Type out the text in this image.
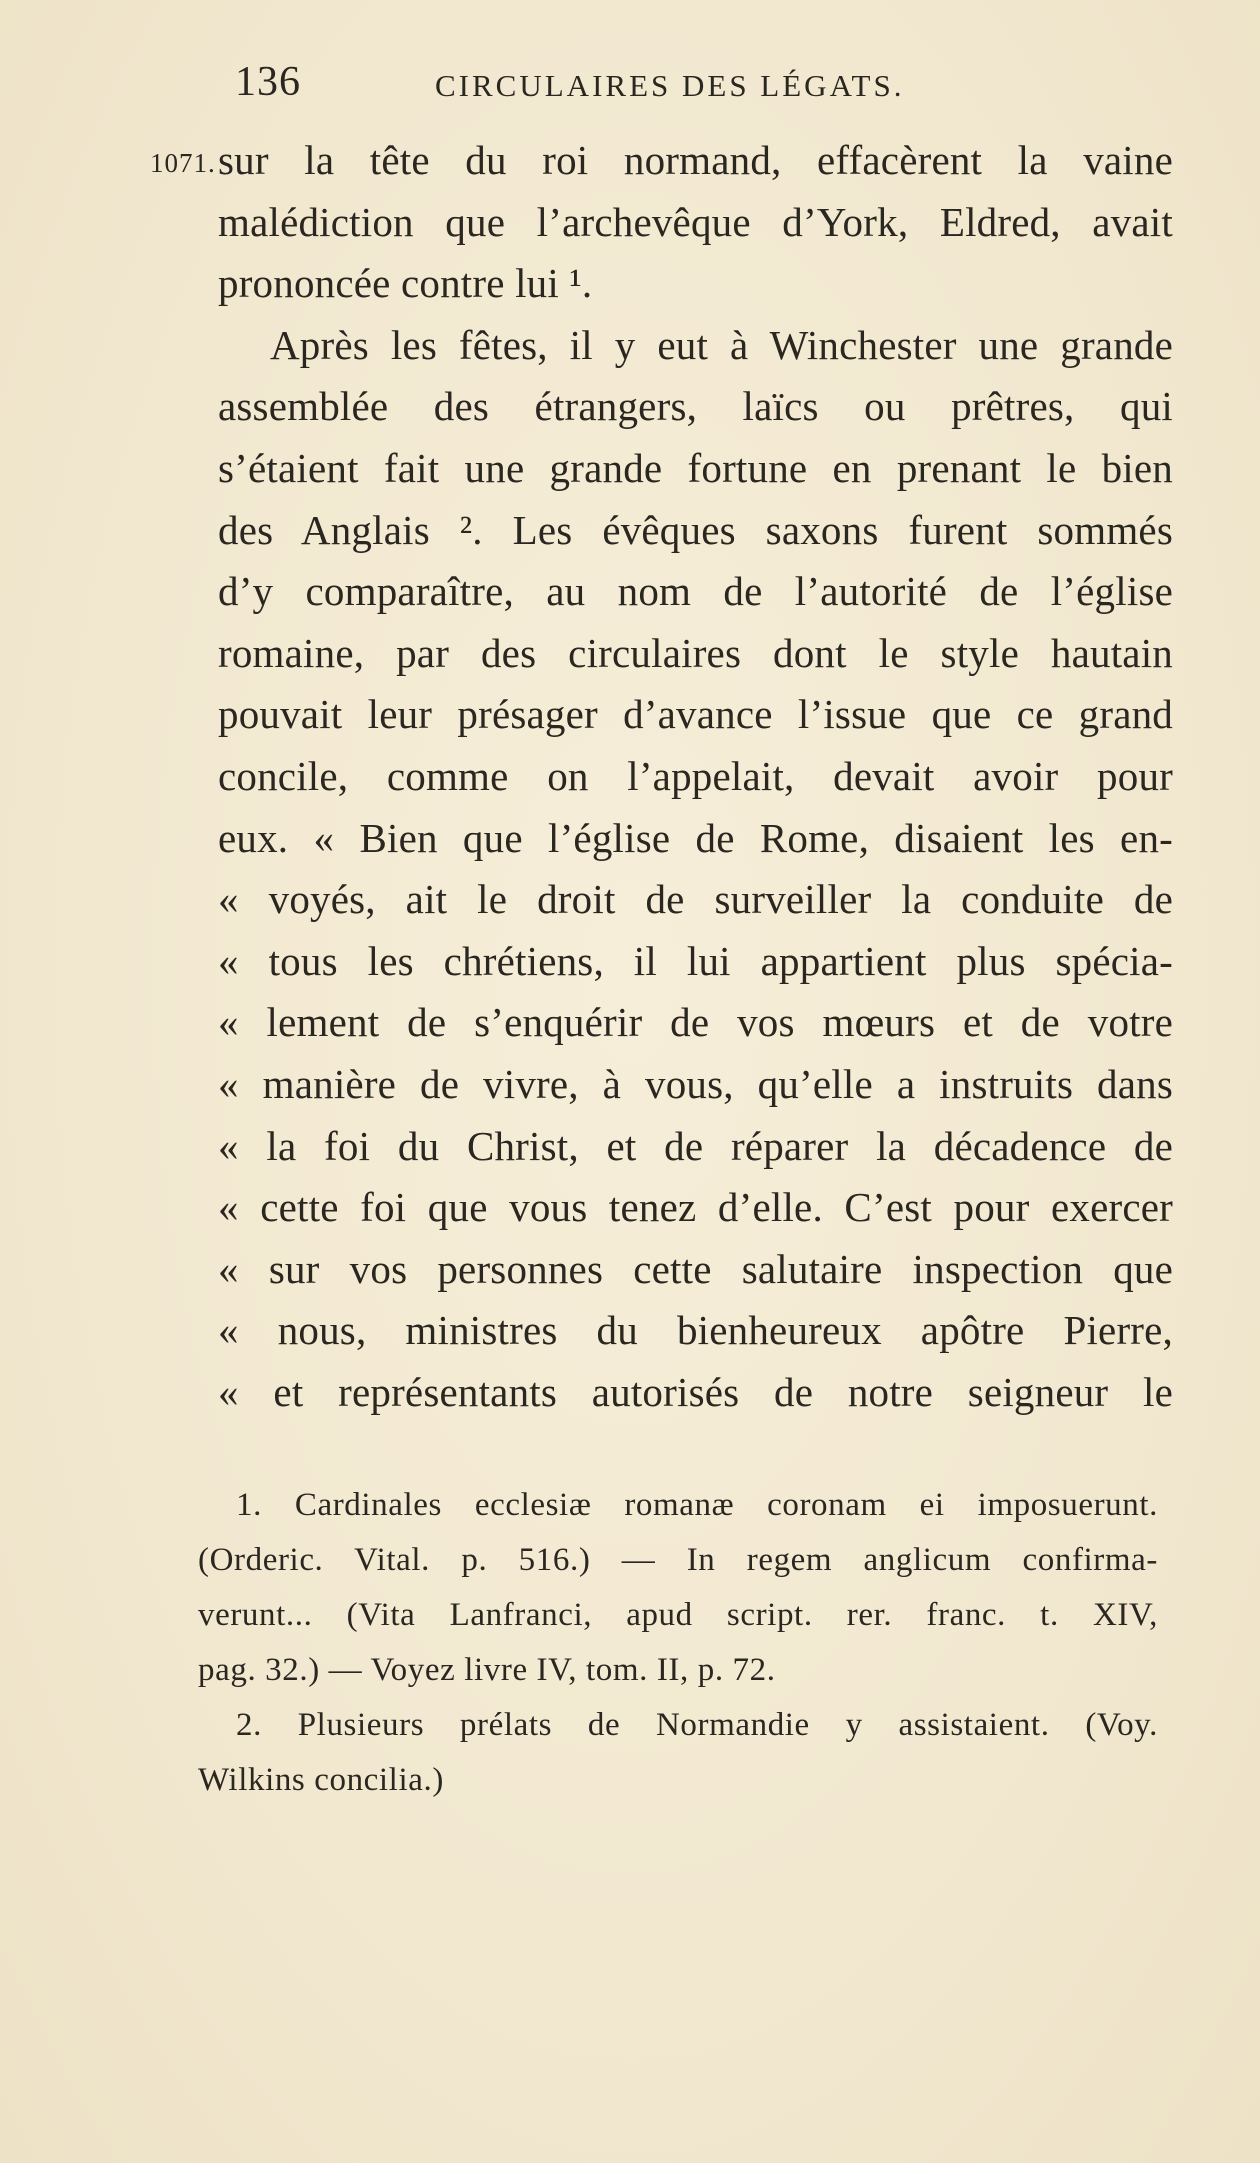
136	CIRCULAIRES DES LÉGATS.
1071. sur la tête du roi normand, effacèrent la vaine
malédiction que l’archevêque d’York, Eldred, avait
prononcée contre lui ¹.
Après les fêtes, il y eut à Winchester une grande
assemblée des étrangers, laïcs ou prêtres, qui
s’étaient fait une grande fortune en prenant le bien
des Anglais ². Les évêques saxons furent sommés
d’y comparaître, au nom de l’autorité de l’église
romaine, par des circulaires dont le style hautain
pouvait leur présager d’avance l’issue que ce grand
concile, comme on l’appelait, devait avoir pour
eux. « Bien que l’église de Rome, disaient les en-
« voyés, ait le droit de surveiller la conduite de
« tous les chrétiens, il lui appartient plus spécia-
« lement de s’enquérir de vos mœurs et de votre
« manière de vivre, à vous, qu’elle a instruits dans
« la foi du Christ, et de réparer la décadence de
« cette foi que vous tenez d’elle. C’est pour exercer
« sur vos personnes cette salutaire inspection que
« nous, ministres du bienheureux apôtre Pierre,
« et représentants autorisés de notre seigneur le
1. Cardinales ecclesiæ romanæ coronam ei imposuerunt.
(Orderic. Vital. p. 516.) — In regem anglicum confirma-
verunt... (Vita Lanfranci, apud script. rer. franc. t. XIV,
pag. 32.) — Voyez livre IV, tom. II, p. 72.
2. Plusieurs prélats de Normandie y assistaient. (Voy.
Wilkins concilia.)
